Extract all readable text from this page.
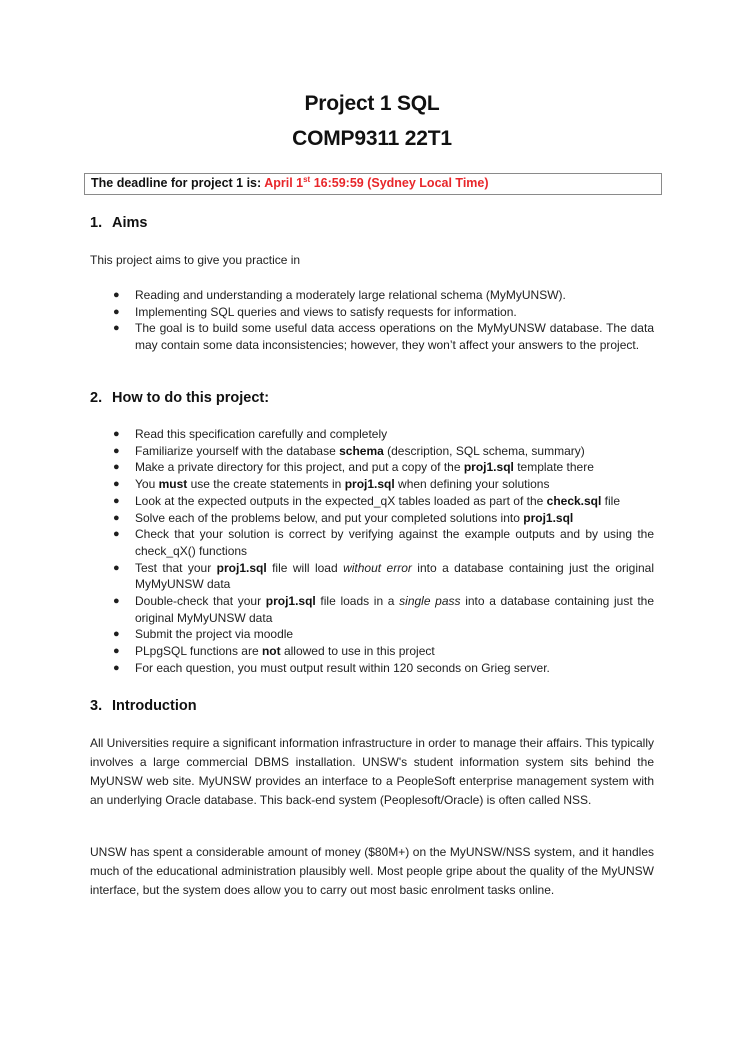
Project 1 SQL
COMP9311 22T1
The deadline for project 1 is: April 1st 16:59:59 (Sydney Local Time)
1. Aims
This project aims to give you practice in
● Reading and understanding a moderately large relational schema (MyMyUNSW).
● Implementing SQL queries and views to satisfy requests for information.
● The goal is to build some useful data access operations on the MyMyUNSW database. The data may contain some data inconsistencies; however, they won’t affect your answers to the project.
2. How to do this project:
● Read this specification carefully and completely
● Familiarize yourself with the database schema (description, SQL schema, summary)
● Make a private directory for this project, and put a copy of the proj1.sql template there
● You must use the create statements in proj1.sql when defining your solutions
● Look at the expected outputs in the expected_qX tables loaded as part of the check.sql file
● Solve each of the problems below, and put your completed solutions into proj1.sql
● Check that your solution is correct by verifying against the example outputs and by using the check_qX() functions
● Test that your proj1.sql file will load without error into a database containing just the original MyMyUNSW data
● Double-check that your proj1.sql file loads in a single pass into a database containing just the original MyMyUNSW data
● Submit the project via moodle
● PLpgSQL functions are not allowed to use in this project
● For each question, you must output result within 120 seconds on Grieg server.
3. Introduction
All Universities require a significant information infrastructure in order to manage their affairs. This typically involves a large commercial DBMS installation. UNSW's student information system sits behind the MyUNSW web site. MyUNSW provides an interface to a PeopleSoft enterprise management system with an underlying Oracle database. This back-end system (Peoplesoft/Oracle) is often called NSS.
UNSW has spent a considerable amount of money ($80M+) on the MyUNSW/NSS system, and it handles much of the educational administration plausibly well. Most people gripe about the quality of the MyUNSW interface, but the system does allow you to carry out most basic enrolment tasks online.
